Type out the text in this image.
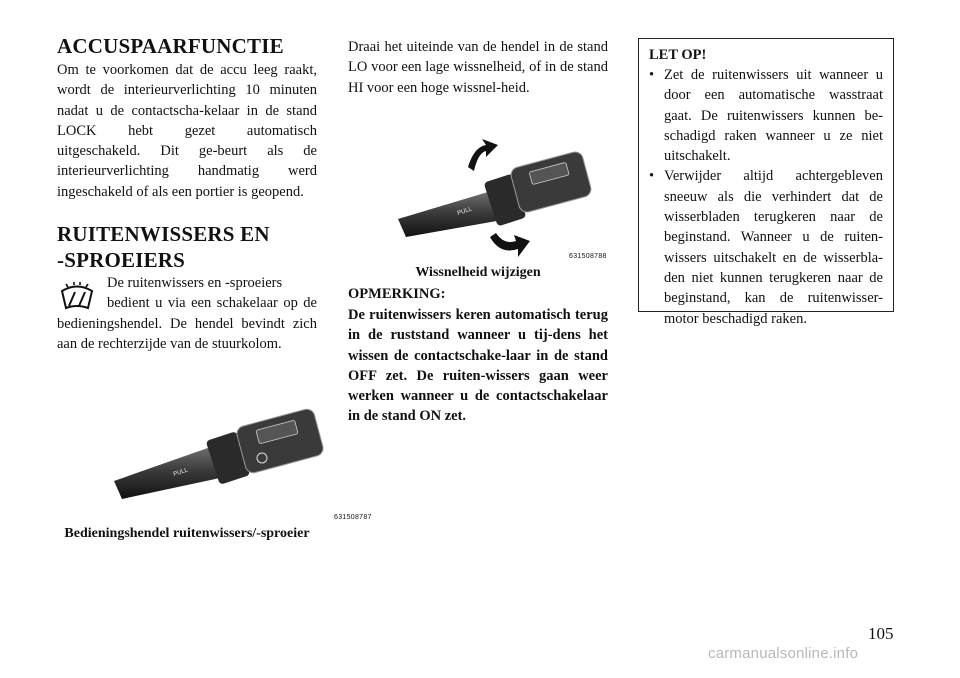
ACCUSPAARFUNCTIE

Om te voorkomen dat de accu leeg raakt, wordt de interieurverlichting 10 minuten nadat u de contactscha-kelaar in de stand LOCK hebt gezet automatisch uitgeschakeld. Dit ge-beurt als de interieurverlichting handmatig werd ingeschakeld of als een portier is geopend.

RUITENWISSERS EN
-SPROEIERS

De ruitenwissers en -sproeiers
bedient u via een schakelaar op de bedieningshendel. De hendel bevindt zich aan de rechterzijde van de stuurkolom.

PULL
631508787
Bedieningshendel ruitenwissers/-sproeier

Draai het uiteinde van de hendel in de stand LO voor een lage wissnelheid, of in de stand HI voor een hoge wissnel-heid.

PULL
631508788
Wissnelheid wijzigen
OPMERKING:

De ruitenwissers keren automatisch terug in de ruststand wanneer u tij-dens het wissen de contactschake-laar in de stand OFF zet. De ruiten-wissers gaan weer werken wanneer u de contactschakelaar in de stand ON zet.

LET OP!
• Zet de ruitenwissers uit wanneer u door een automatische wasstraat gaat. De ruitenwissers kunnen be-schadigd raken wanneer u ze niet uitschakelt.
• Verwijder altijd achtergebleven sneeuw als die verhindert dat de wisserbladen terugkeren naar de beginstand. Wanneer u de ruiten-wissers uitschakelt en de wisserbla-den niet kunnen terugkeren naar de beginstand, kan de ruitenwisser-motor beschadigd raken.
105
carmanualsonline.info
